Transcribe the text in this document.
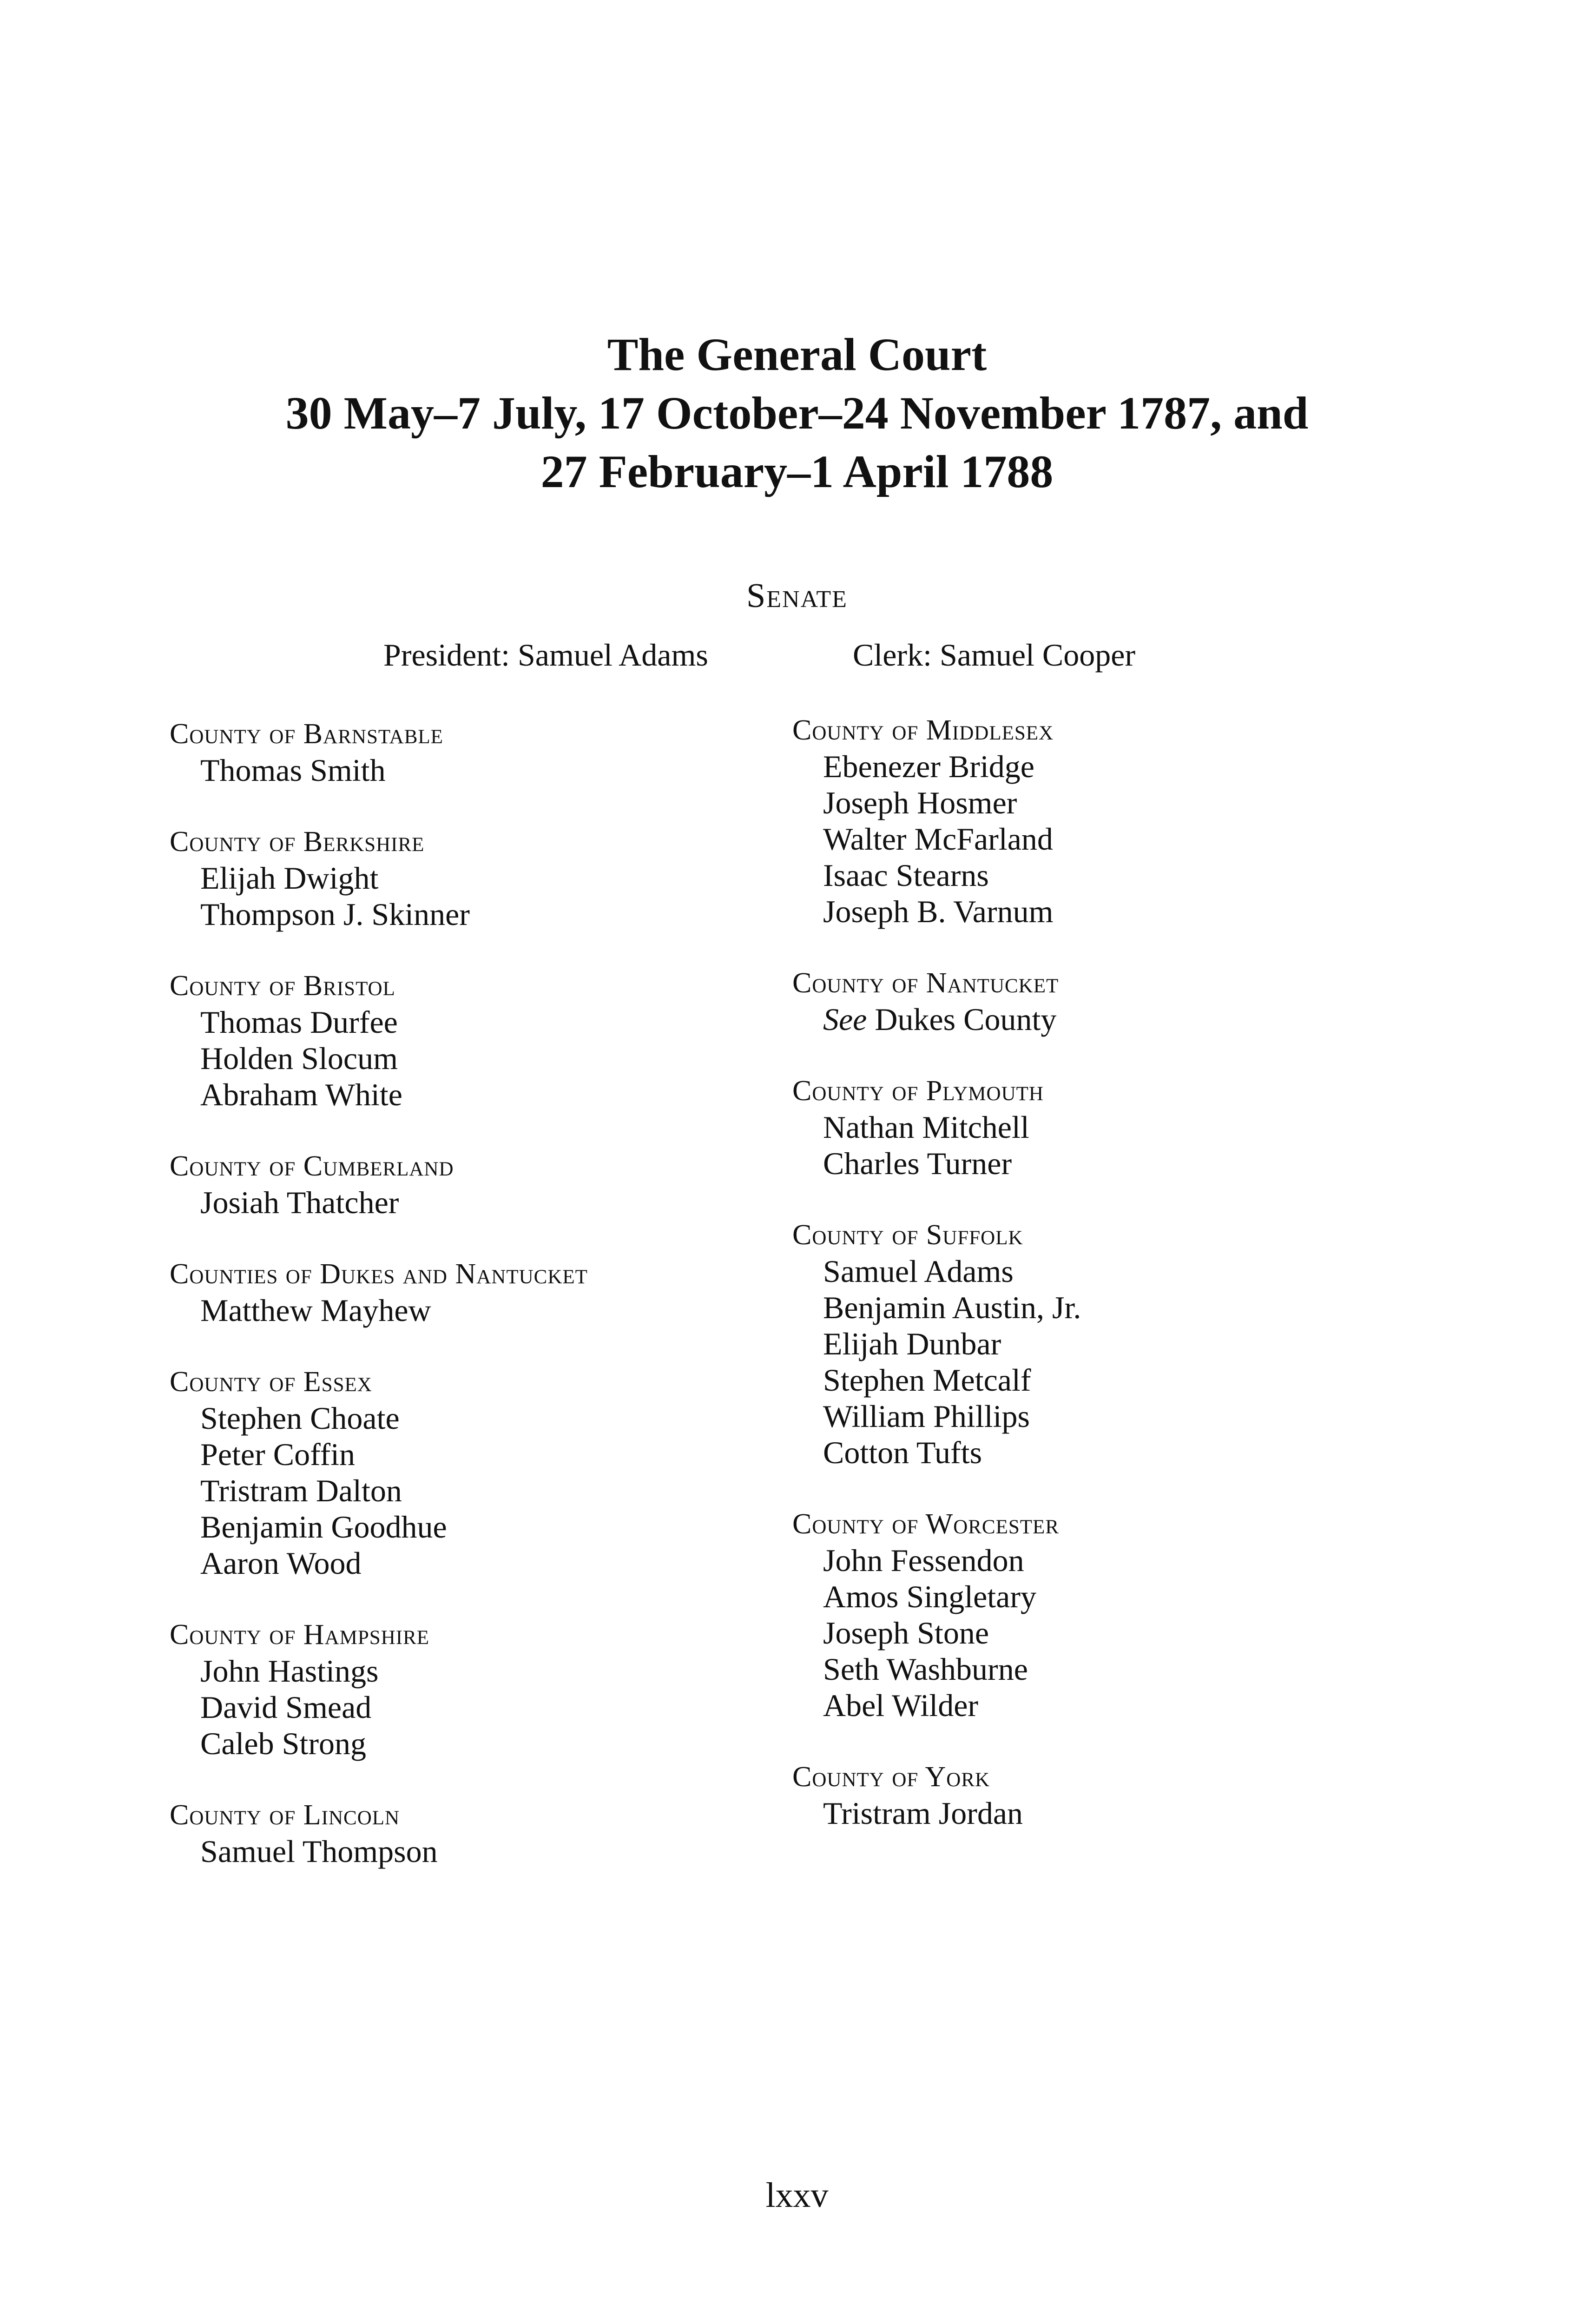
The General Court
30 May–7 July, 17 October–24 November 1787, and
27 February–1 April 1788
Senate
President: Samuel Adams	Clerk: Samuel Cooper
County of Barnstable
Thomas Smith
County of Berkshire
Elijah Dwight
Thompson J. Skinner
County of Bristol
Thomas Durfee
Holden Slocum
Abraham White
County of Cumberland
Josiah Thatcher
Counties of Dukes and Nantucket
Matthew Mayhew
County of Essex
Stephen Choate
Peter Coffin
Tristram Dalton
Benjamin Goodhue
Aaron Wood
County of Hampshire
John Hastings
David Smead
Caleb Strong
County of Lincoln
Samuel Thompson
County of Middlesex
Ebenezer Bridge
Joseph Hosmer
Walter McFarland
Isaac Stearns
Joseph B. Varnum
County of Nantucket
See Dukes County
County of Plymouth
Nathan Mitchell
Charles Turner
County of Suffolk
Samuel Adams
Benjamin Austin, Jr.
Elijah Dunbar
Stephen Metcalf
William Phillips
Cotton Tufts
County of Worcester
John Fessendon
Amos Singletary
Joseph Stone
Seth Washburne
Abel Wilder
County of York
Tristram Jordan
lxxv
